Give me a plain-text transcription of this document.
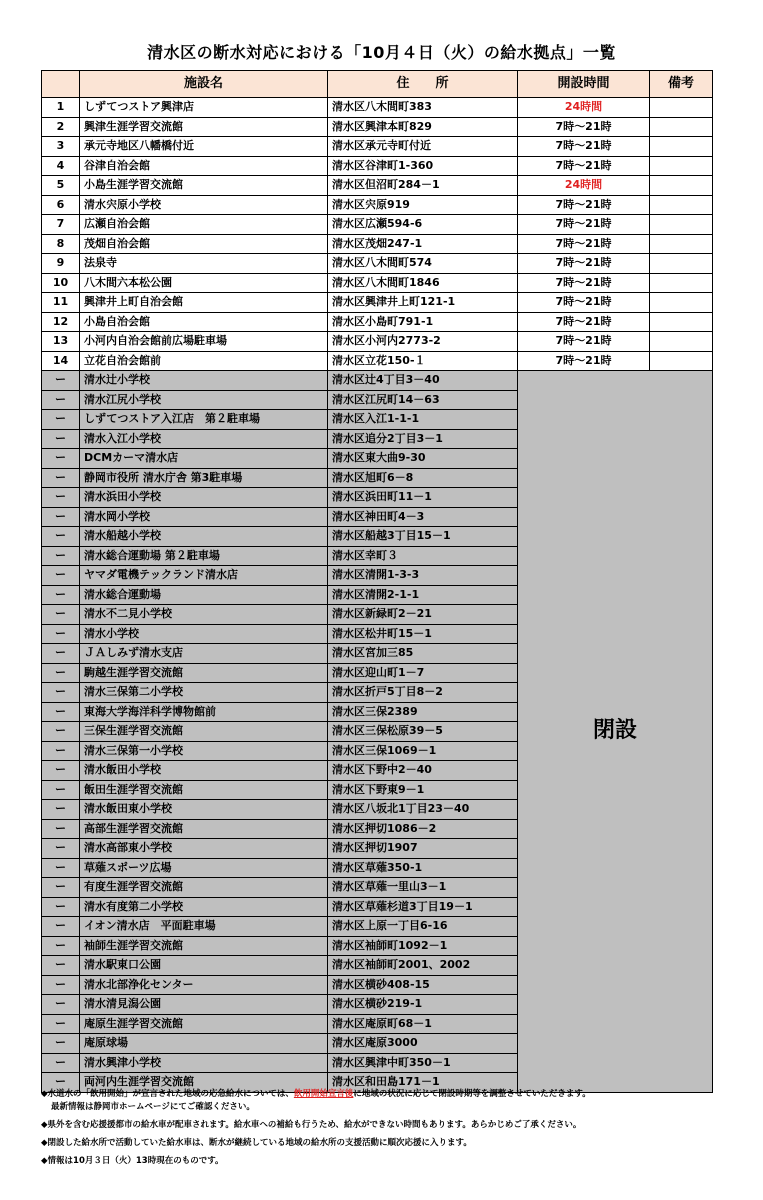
清水区の断水対応における「10月４日（火）の給水拠点」一覧
	施設名	住　　所	開設時間	備考
1	しずてつストア興津店	清水区八木間町383	24時間	
2	興津生涯学習交流館	清水区興津本町829	7時～21時	
3	承元寺地区八幡橋付近	清水区承元寺町付近	7時～21時	
4	谷津自治会館	清水区谷津町1-360	7時～21時	
5	小島生涯学習交流館	清水区但沼町284－1	24時間	
6	清水宍原小学校	清水区宍原919	7時～21時	
7	広瀬自治会館	清水区広瀬594-6	7時～21時	
8	茂畑自治会館	清水区茂畑247-1	7時～21時	
9	法泉寺	清水区八木間町574	7時～21時	
10	八木間六本松公園	清水区八木間町1846	7時～21時	
11	興津井上町自治会館	清水区興津井上町121-1	7時～21時	
12	小島自治会館	清水区小島町791-1	7時～21時	
13	小河内自治会館前広場駐車場	清水区小河内2773-2	7時～21時	
14	立花自治会館前	清水区立花150-１	7時～21時	
ー	清水辻小学校	清水区辻4丁目3－40	閉設	
ー	清水江尻小学校	清水区江尻町14－63		
ー	しずてつストア入江店　第２駐車場	清水区入江1-1-1		
ー	清水入江小学校	清水区追分2丁目3－1		
ー	DCMカーマ清水店	清水区東大曲9-30		
ー	静岡市役所 清水庁舎 第3駐車場	清水区旭町6－8		
ー	清水浜田小学校	清水区浜田町11－1		
ー	清水岡小学校	清水区神田町4－3		
ー	清水船越小学校	清水区船越3丁目15－1		
ー	清水総合運動場 第２駐車場	清水区幸町３		
ー	ヤマダ電機テックランド清水店	清水区清開1-3-3		
ー	清水総合運動場	清水区清開2-1-1		
ー	清水不二見小学校	清水区新緑町2－21		
ー	清水小学校	清水区松井町15－1		
ー	ＪＡしみず清水支店	清水区宮加三85		
ー	駒越生涯学習交流館	清水区迎山町1－7		
ー	清水三保第二小学校	清水区折戸5丁目8－2		
ー	東海大学海洋科学博物館前	清水区三保2389		
ー	三保生涯学習交流館	清水区三保松原39－5		
ー	清水三保第一小学校	清水区三保1069－1		
ー	清水飯田小学校	清水区下野中2－40		
ー	飯田生涯学習交流館	清水区下野東9－1		
ー	清水飯田東小学校	清水区八坂北1丁目23－40		
ー	高部生涯学習交流館	清水区押切1086－2		
ー	清水高部東小学校	清水区押切1907		
ー	草薙スポーツ広場	清水区草薙350-1		
ー	有度生涯学習交流館	清水区草薙一里山3－1		
ー	清水有度第二小学校	清水区草薙杉道3丁目19－1		
ー	イオン清水店　平面駐車場	清水区上原一丁目6-16		
ー	袖師生涯学習交流館	清水区袖師町1092－1		
ー	清水駅東口公園	清水区袖師町2001、2002		
ー	清水北部浄化センター	清水区横砂408-15		
ー	清水清見潟公園	清水区横砂219-1		
ー	庵原生涯学習交流館	清水区庵原町68－1		
ー	庵原球場	清水区庵原3000		
ー	清水興津小学校	清水区興津中町350－1		
ー	両河内生涯学習交流館	清水区和田島171－1		
◆水道水の「飲用開始」が宣言された地域の応急給水については、飲用開始宣言後に地域の状況に応じて閉設時期等を調整させていただきます。
最新情報は静岡市ホームページにてご確認ください。
◆県外を含む応援援都市の給水車が配車されます。給水車への補給も行うため、給水ができない時間もあります。あらかじめご了承ください。
◆閉設した給水所で活動していた給水車は、断水が継続している地域の給水所の支援活動に順次応援に入ります。
◆情報は10月３日（火）13時現在のものです。
